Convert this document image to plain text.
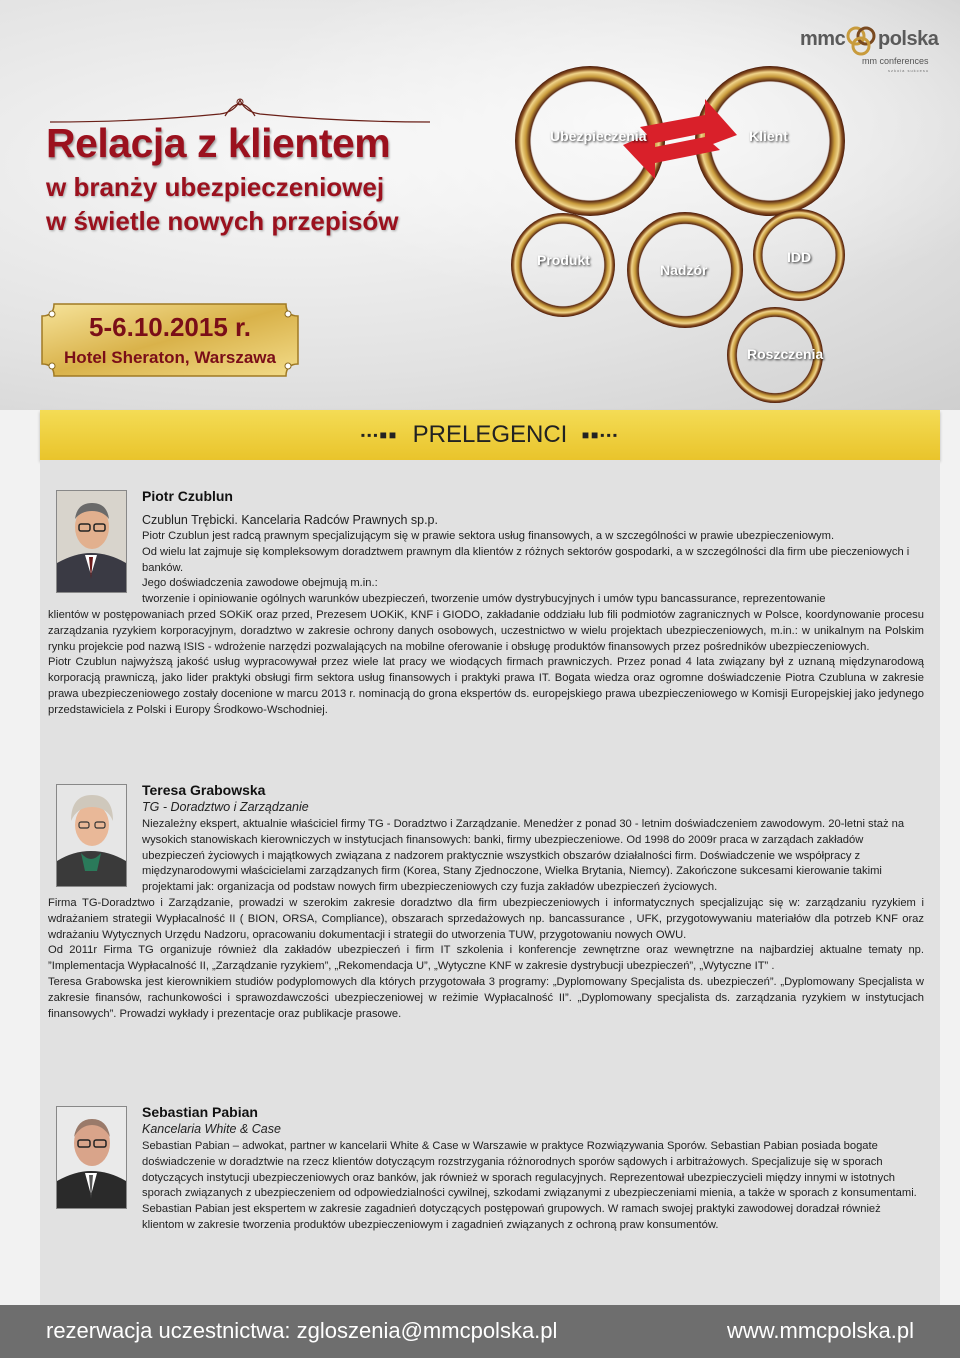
Relacja z klientem
w branży ubezpieczeniowej
w świetle nowych przepisów
5-6.10.2015 r.
Hotel Sheraton, Warszawa
mmc polska
mm conferences
szkoła sukcesu
Ubezpieczenia	Klient
Produkt
Nadzór
IDD
Roszczenia
▪▪▪■■ PRELEGENCI ■■▪▪▪
Piotr Czublun
Czublun Trębicki. Kancelaria Radców Prawnych sp.p.

Piotr Czublun jest radcą prawnym specjalizującym się w prawie sektora usług finansowych, a w szczególności w prawie ubezpieczeniowym.

Od wielu lat zajmuje się kompleksowym doradztwem prawnym dla klientów z różnych sektorów gospodarki, a w szczególności dla firm ube pieczeniowych i banków.

Jego doświadczenia zawodowe obejmują m.in.:

tworzenie i opiniowanie ogólnych warunków ubezpieczeń, tworzenie umów dystrybucyjnych i umów typu bancassurance, reprezentowanie

klientów w postępowaniach przed SOKiK oraz przed, Prezesem UOKiK, KNF i GIODO, zakładanie oddziału lub fili podmiotów zagranicznych w Polsce, koordynowanie procesu zarządzania ryzykiem korporacyjnym, doradztwo w zakresie ochrony danych osobowych, uczestnictwo w wielu projektach ubezpieczeniowych, m.in.: w unikalnym na Polskim rynku projekcie pod nazwą ISIS - wdrożenie narzędzi pozwalających na mobilne oferowanie i obsługę produktów finansowych przez pośredników ubezpieczeniowych.

Piotr Czublun najwyższą jakość usług wypracowywał przez wiele lat pracy we wiodących firmach prawniczych. Przez ponad 4 lata związany był z uznaną międzynarodową korporacją prawniczą, jako lider praktyki obsługi firm sektora usług finansowych i praktyki prawa IT. Bogata wiedza oraz ogromne doświadczenie Piotra Czubluna w zakresie prawa ubezpieczeniowego zostały docenione w marcu 2013 r. nominacją do grona ekspertów ds. europejskiego prawa ubezpieczeniowego w Komisji Europejskiej jako jedynego przedstawiciela z Polski i Europy Środkowo-Wschodniej.

Teresa Grabowska
TG - Doradztwo i Zarządzanie

Niezależny ekspert, aktualnie właściciel firmy TG - Doradztwo i Zarządzanie. Menedżer z ponad 30 - letnim doświadczeniem zawodowym. 20-letni staż na wysokich stanowiskach kierowniczych w instytucjach finansowych: banki, firmy ubezpieczeniowe. Od 1998 do 2009r praca w zarządach zakładów ubezpieczeń życiowych i majątkowych związana z nadzorem praktycznie wszystkich obszarów działalności firm. Doświadczenie we współpracy z międzynarodowymi właścicielami zarządzanych firm (Korea, Stany Zjednoczone, Wielka Brytania, Niemcy). Zakończone sukcesami kierowanie takimi projektami jak: organizacja od podstaw nowych firm ubezpieczeniowych czy fuzja zakładów ubezpieczeń życiowych.

Firma TG-Doradztwo i Zarządzanie, prowadzi w szerokim zakresie doradztwo dla firm ubezpieczeniowych i informatycznych specjalizując się w: zarządzaniu ryzykiem i wdrażaniem strategii Wypłacalność II ( BION, ORSA, Compliance), obszarach sprzedażowych np. bancassurance , UFK, przygotowywaniu materiałów dla potrzeb KNF oraz wdrażaniu Wytycznych Urzędu Nadzoru, opracowaniu dokumentacji i strategii do utworzenia TUW, przygotowaniu nowych OWU.

Od 2011r Firma TG organizuje również dla zakładów ubezpieczeń i firm IT szkolenia i konferencje zewnętrzne oraz wewnętrzne na najbardziej aktualne tematy np. ”Implementacja Wypłacalność II, „Zarządzanie ryzykiem”, „Rekomendacja U”, „Wytyczne KNF w zakresie dystrybucji ubezpieczeń”, „Wytyczne IT” .

Teresa Grabowska jest kierownikiem studiów podyplomowych dla których przygotowała 3 programy: „Dyplomowany Specjalista ds. ubezpieczeń”. „Dyplomowany Specjalista w zakresie finansów, rachunkowości i sprawozdawczości ubezpieczeniowej w reżimie Wypłacalność II”. „Dyplomowany specjalista ds. zarządzania ryzykiem w instytucjach finansowych”. Prowadzi wykłady i prezentacje oraz publikacje prasowe.

Sebastian Pabian
Kancelaria White & Case

Sebastian Pabian – adwokat, partner w kancelarii White & Case w Warszawie w praktyce Rozwiązywania Sporów. Sebastian Pabian posiada bogate doświadczenie w doradztwie na rzecz klientów dotyczącym rozstrzygania różnorodnych sporów sądowych i arbitrażowych. Specjalizuje się w sporach dotyczących instytucji ubezpieczeniowych oraz banków, jak również w sporach regulacyjnych. Reprezentował ubezpieczycieli między innymi w istotnych sporach związanych z ubezpieczeniem od odpowiedzialności cywilnej, szkodami związanymi z ubezpieczeniami mienia, a także w sporach z konsumentami. Sebastian Pabian jest ekspertem w zakresie zagadnień dotyczących postępowań grupowych. W ramach swojej praktyki zawodowej doradzał również klientom w zakresie tworzenia produktów ubezpieczeniowym i zagadnień związanych z ochroną praw konsumentów.

rezerwacja uczestnictwa: zgloszenia@mmcpolska.pl	www.mmcpolska.pl
